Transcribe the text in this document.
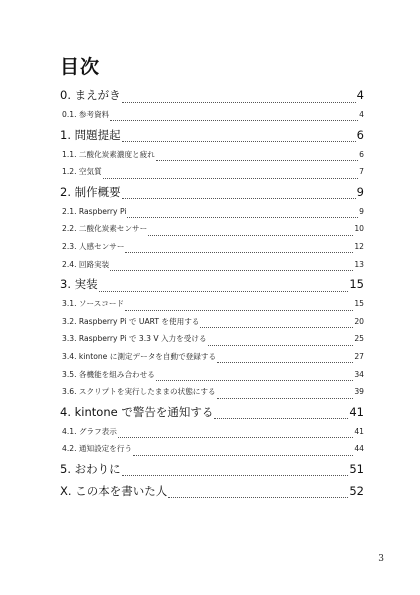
目次
0. まえがき	4
0.1. 参考資料	4
1. 問題提起	6
1.1. 二酸化炭素濃度と疲れ	6
1.2. 空気質	7
2. 制作概要	9
2.1. Raspberry Pi	9
2.2. 二酸化炭素センサー	10
2.3. 人感センサー	12
2.4. 回路実装	13
3. 実装	15
3.1. ソースコード	15
3.2. Raspberry Pi で UART を使用する	20
3.3. Raspberry Pi で 3.3 V 入力を受ける	25
3.4. kintone に測定データを自動で登録する	27
3.5. 各機能を組み合わせる	34
3.6. スクリプトを実行したままの状態にする	39
4. kintone で警告を通知する	41
4.1. グラフ表示	41
4.2. 通知設定を行う	44
5. おわりに	51
X. この本を書いた人	52
3
